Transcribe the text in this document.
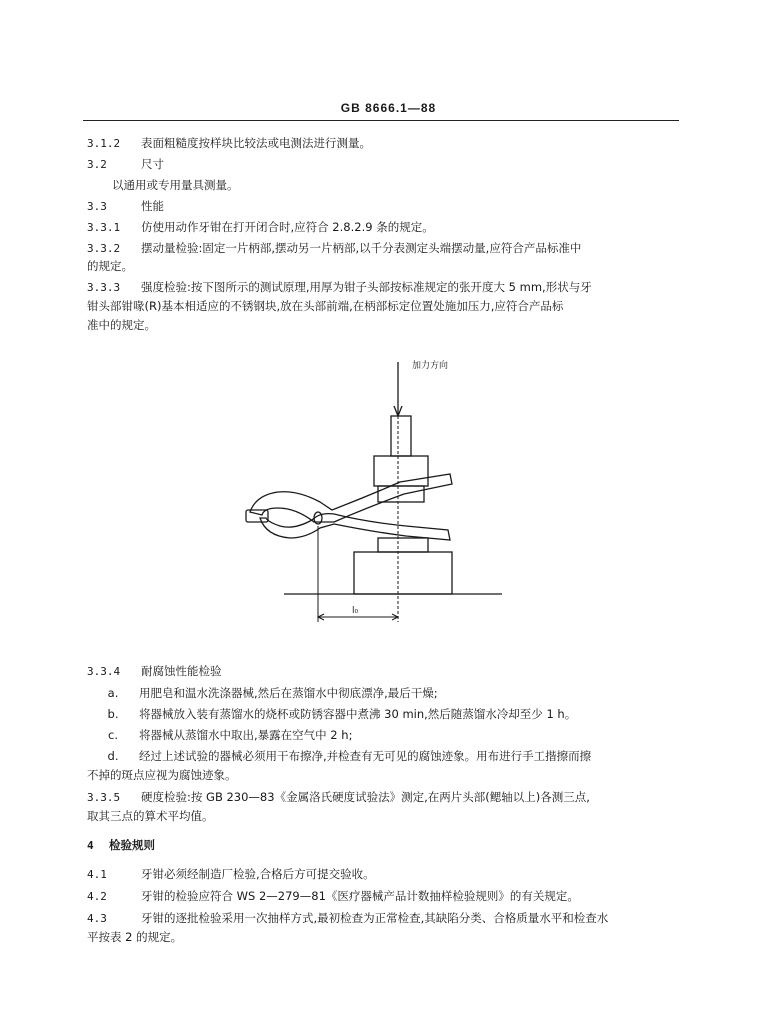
GB 8666.1—88
3.1.2 表面粗糙度按样块比较法或电测法进行测量。
3.2	尺寸
以通用或专用量具测量。
3.3	性能
3.3.1 仿使用动作牙钳在打开闭合时,应符合 2.8.2.9 条的规定。
3.3.2 摆动量检验:固定一片柄部,摆动另一片柄部,以千分表测定头端摆动量,应符合产品标准中
的规定。
3.3.3 强度检验:按下图所示的测试原理,用厚为钳子头部按标准规定的张开度大 5 mm,形状与牙
钳头部钳喙(R)基本相适应的不锈钢块,放在头部前端,在柄部标定位置处施加压力,应符合产品标
准中的规定。
加力方向
l₀
3.3.4 耐腐蚀性能检验
a. 用肥皂和温水洗涤器械,然后在蒸馏水中彻底漂净,最后干燥;
b. 将器械放入装有蒸馏水的烧杯或防锈容器中煮沸 30 min,然后随蒸馏水冷却至少 1 h。
c. 将器械从蒸馏水中取出,暴露在空气中 2 h;
d. 经过上述试验的器械必须用干布擦净,并检查有无可见的腐蚀迹象。用布进行手工揩擦而擦
不掉的斑点应视为腐蚀迹象。
3.3.5 硬度检验:按 GB 230—83《金属洛氏硬度试验法》测定,在两片头部(鳃轴以上)各测三点,
取其三点的算术平均值。
4 检验规则
4.1	牙钳必须经制造厂检验,合格后方可提交验收。
4.2	牙钳的检验应符合 WS 2—279—81《医疗器械产品计数抽样检验规则》的有关规定。
4.3	牙钳的逐批检验采用一次抽样方式,最初检查为正常检查,其缺陷分类、合格质量水平和检查水
平按表 2 的规定。
